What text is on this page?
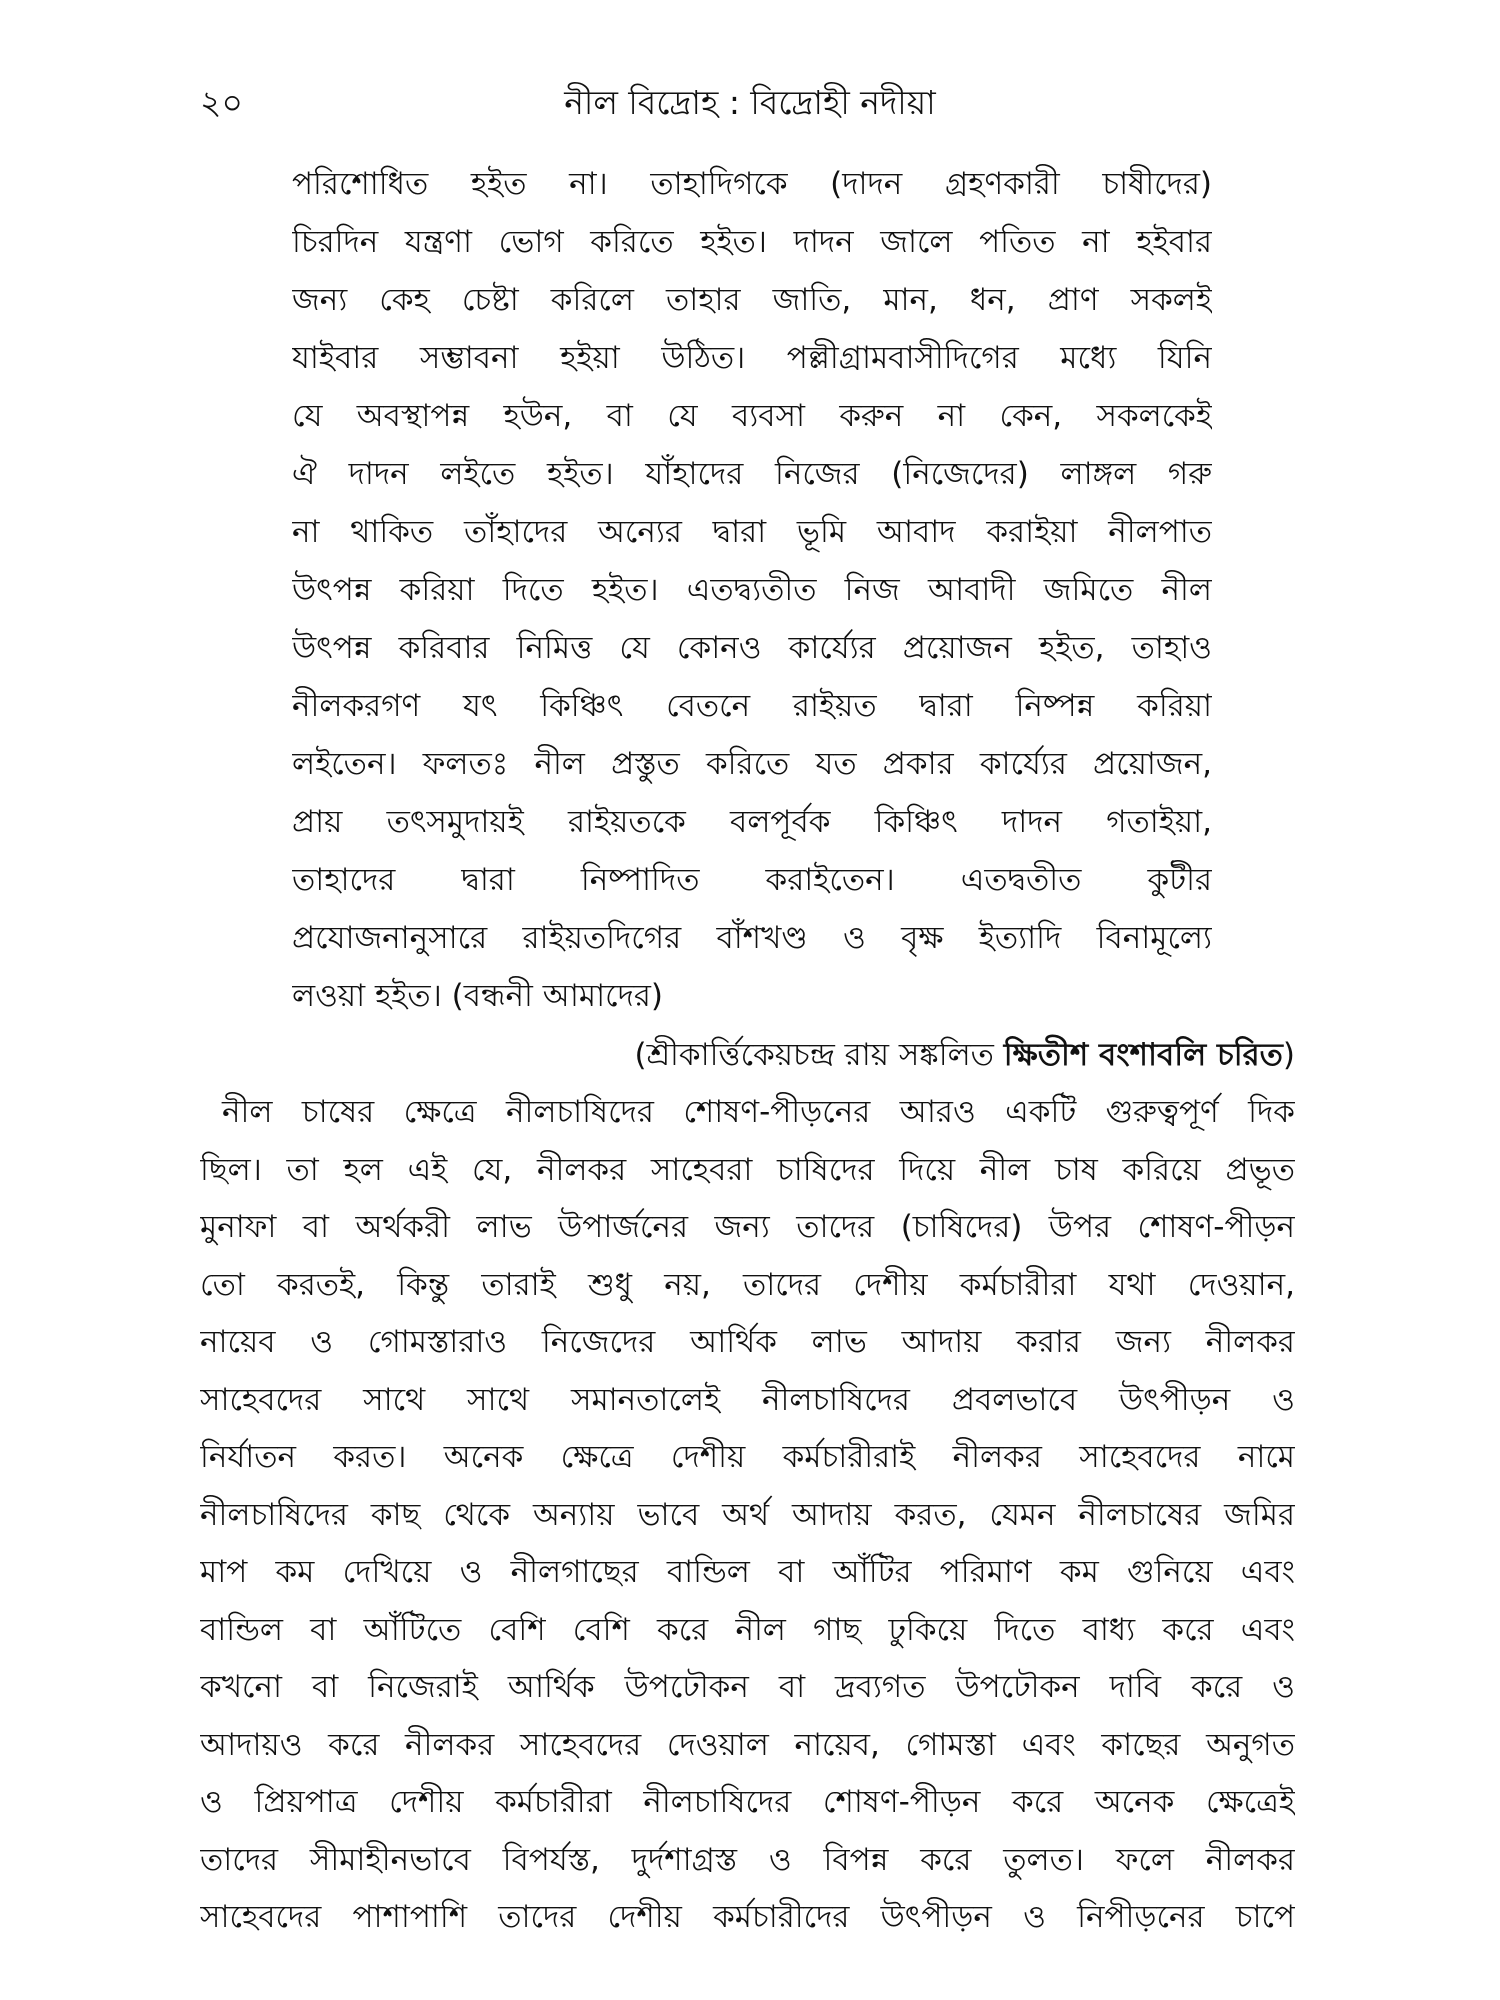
২০	নীল বিদ্রোহ : বিদ্রোহী নদীয়া
পরিশোধিত হইত না। তাহাদিগকে (দাদন গ্রহণকারী চাষীদের)
চিরদিন যন্ত্রণা ভোগ করিতে হইত। দাদন জালে পতিত না হইবার
জন্য কেহ চেষ্টা করিলে তাহার জাতি, মান, ধন, প্রাণ সকলই
যাইবার সম্ভাবনা হইয়া উঠিত। পল্লীগ্রামবাসীদিগের মধ্যে যিনি
যে অবস্থাপন্ন হউন, বা যে ব্যবসা করুন না কেন, সকলকেই
ঐ দাদন লইতে হইত। যাঁহাদের নিজের (নিজেদের) লাঙ্গল গরু
না থাকিত তাঁহাদের অন্যের দ্বারা ভূমি আবাদ করাইয়া নীলপাত
উৎপন্ন করিয়া দিতে হইত। এতদ্ব্যতীত নিজ আবাদী জমিতে নীল
উৎপন্ন করিবার নিমিত্ত যে কোনও কার্য্যের প্রয়োজন হইত, তাহাও
নীলকরগণ যৎ কিঞ্চিৎ বেতনে রাইয়ত দ্বারা নিষ্পন্ন করিয়া
লইতেন। ফলতঃ নীল প্রস্তুত করিতে যত প্রকার কার্য্যের প্রয়োজন,
প্রায় তৎসমুদায়ই রাইয়তকে বলপূর্বক কিঞ্চিৎ দাদন গতাইয়া,
তাহাদের দ্বারা নিষ্পাদিত করাইতেন। এতদ্বতীত কুটীর
প্রযোজনানুসারে রাইয়তদিগের বাঁশখণ্ড ও বৃক্ষ ইত্যাদি বিনামূল্যে
লওয়া হইত। (বন্ধনী আমাদের)
(শ্রীকার্ত্তিকেয়চন্দ্র রায় সঙ্কলিত ক্ষিতীশ বংশাবলি চরিত)
নীল চাষের ক্ষেত্রে নীলচাষিদের শোষণ-পীড়নের আরও একটি গুরুত্বপূর্ণ দিক
ছিল। তা হল এই যে, নীলকর সাহেবরা চাষিদের দিয়ে নীল চাষ করিয়ে প্রভূত
মুনাফা বা অর্থকরী লাভ উপার্জনের জন্য তাদের (চাষিদের) উপর শোষণ-পীড়ন
তো করতই, কিন্তু তারাই শুধু নয়, তাদের দেশীয় কর্মচারীরা যথা দেওয়ান,
নায়েব ও গোমস্তারাও নিজেদের আর্থিক লাভ আদায় করার জন্য নীলকর
সাহেবদের সাথে সাথে সমানতালেই নীলচাষিদের প্রবলভাবে উৎপীড়ন ও
নির্যাতন করত। অনেক ক্ষেত্রে দেশীয় কর্মচারীরাই নীলকর সাহেবদের নামে
নীলচাষিদের কাছ থেকে অন্যায় ভাবে অর্থ আদায় করত, যেমন নীলচাষের জমির
মাপ কম দেখিয়ে ও নীলগাছের বান্ডিল বা আঁটির পরিমাণ কম গুনিয়ে এবং
বান্ডিল বা আঁটিতে বেশি বেশি করে নীল গাছ ঢুকিয়ে দিতে বাধ্য করে এবং
কখনো বা নিজেরাই আর্থিক উপঢৌকন বা দ্রব্যগত উপঢৌকন দাবি করে ও
আদায়ও করে নীলকর সাহেবদের দেওয়াল নায়েব, গোমস্তা এবং কাছের অনুগত
ও প্রিয়পাত্র দেশীয় কর্মচারীরা নীলচাষিদের শোষণ-পীড়ন করে অনেক ক্ষেত্রেই
তাদের সীমাহীনভাবে বিপর্যস্ত, দুর্দশাগ্রস্ত ও বিপন্ন করে তুলত। ফলে নীলকর
সাহেবদের পাশাপাশি তাদের দেশীয় কর্মচারীদের উৎপীড়ন ও নিপীড়নের চাপে
